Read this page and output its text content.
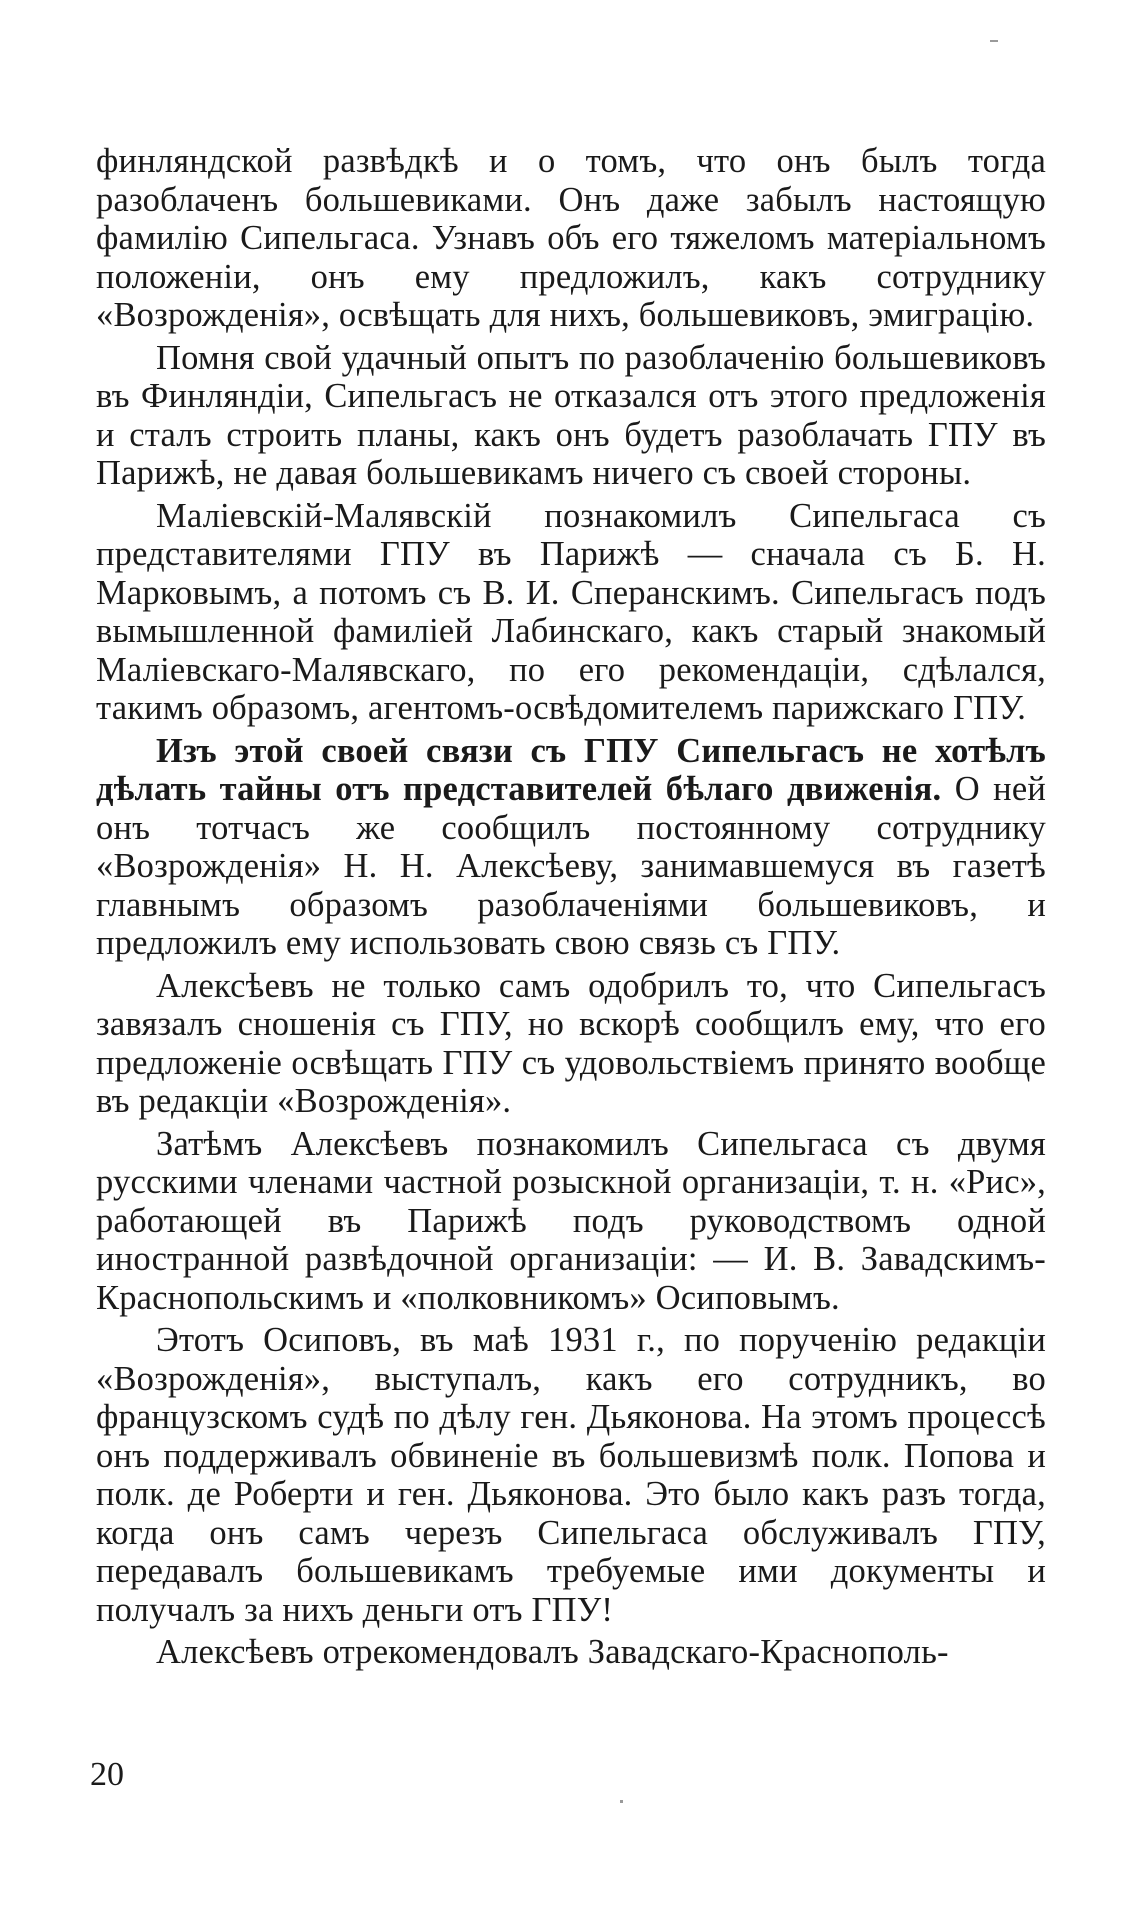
финляндской развѣдкѣ и о томъ, что онъ былъ тогда разоблаченъ большевиками. Онъ даже забылъ настоящую фамилію Сипельгаса. Узнавъ объ его тяжеломъ матеріальномъ положеніи, онъ ему предложилъ, какъ сотруднику «Возрожденія», освѣщать для нихъ, большевиковъ, эмиграцію.

Помня свой удачный опытъ по разоблаченію большевиковъ въ Финляндіи, Сипельгасъ не отказался отъ этого предложенія и сталъ строить планы, какъ онъ будетъ разоблачать ГПУ въ Парижѣ, не давая большевикамъ ничего съ своей стороны.

Маліевскій-Малявскій познакомилъ Сипельгаса съ представителями ГПУ въ Парижѣ — сначала съ Б. Н. Марковымъ, а потомъ съ В. И. Сперанскимъ. Сипельгасъ подъ вымышленной фамиліей Лабинскаго, какъ старый знакомый Маліевскаго-Малявскаго, по его рекомендаціи, сдѣлался, такимъ образомъ, агентомъ-освѣдомителемъ парижскаго ГПУ.

Изъ этой своей связи съ ГПУ Сипельгасъ не хотѣлъ дѣлать тайны отъ представителей бѣлаго движенія. О ней онъ тотчасъ же сообщилъ постоянному сотруднику «Возрожденія» Н. Н. Алексѣеву, занимавшемуся въ газетѣ главнымъ образомъ разоблаченіями большевиковъ, и предложилъ ему использовать свою связь съ ГПУ.

Алексѣевъ не только самъ одобрилъ то, что Сипельгасъ завязалъ сношенія съ ГПУ, но вскорѣ сообщилъ ему, что его предложеніе освѣщать ГПУ съ удовольствіемъ принято вообще въ редакціи «Возрожденія».

Затѣмъ Алексѣевъ познакомилъ Сипельгаса съ двумя русскими членами частной розыскной организаціи, т. н. «Рис», работающей въ Парижѣ подъ руководствомъ одной иностранной развѣдочной организаціи: — И. В. Завадскимъ-Краснопольскимъ и «полковникомъ» Осиповымъ.

Этотъ Осиповъ, въ маѣ 1931 г., по порученію редакціи «Возрожденія», выступалъ, какъ его сотрудникъ, во французскомъ судѣ по дѣлу ген. Дьяконова. На этомъ процессѣ онъ поддерживалъ обвиненіе въ большевизмѣ полк. Попова и полк. де Роберти и ген. Дьяконова. Это было какъ разъ тогда, когда онъ самъ черезъ Сипельгаса обслуживалъ ГПУ, передавалъ большевикамъ требуемые ими документы и получалъ за нихъ деньги отъ ГПУ!

Алексѣевъ отрекомендовалъ Завадскаго-Краснополь-

20
